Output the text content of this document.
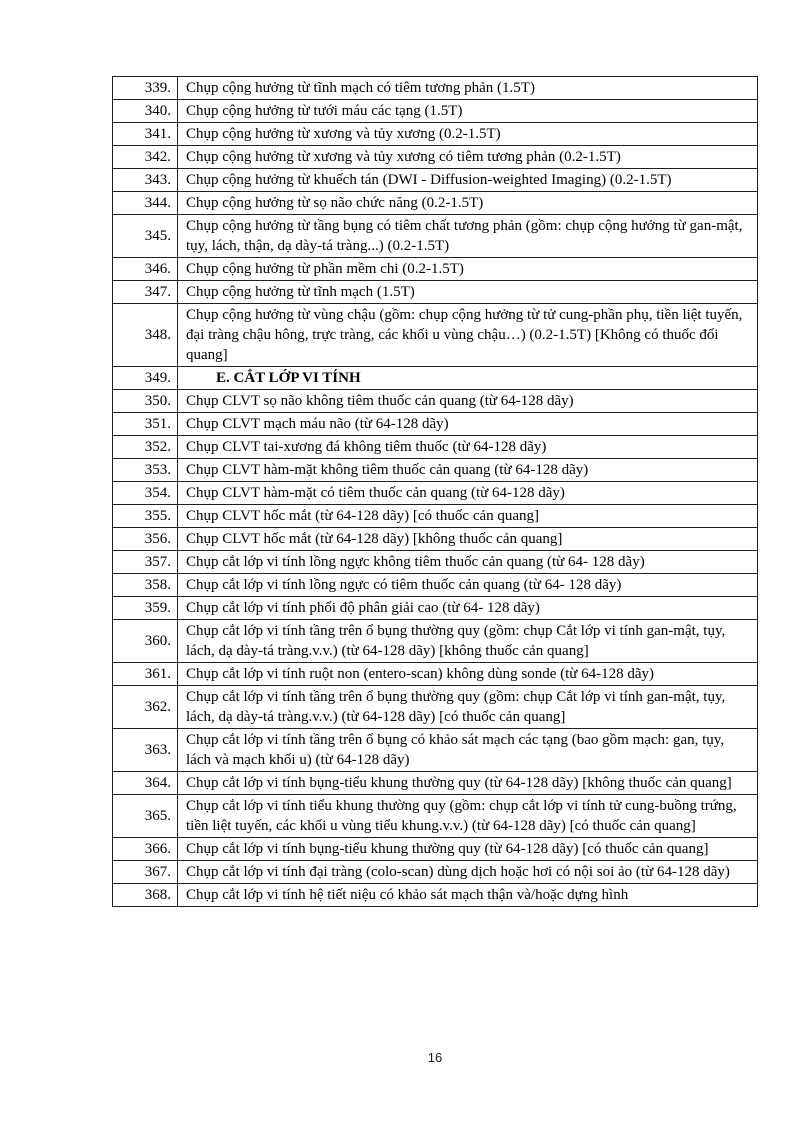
339.	Chụp cộng hưởng từ tĩnh mạch có tiêm tương phản (1.5T)
340.	Chụp cộng hưởng từ tưới máu các tạng (1.5T)
341.	Chụp cộng hưởng từ xương và tủy xương (0.2-1.5T)
342.	Chụp cộng hưởng từ xương và tủy xương có tiêm tương phản (0.2-1.5T)
343.	Chụp cộng hưởng từ khuếch tán (DWI - Diffusion-weighted Imaging) (0.2-1.5T)
344.	Chụp cộng hưởng từ sọ não chức năng (0.2-1.5T)
345.	Chụp cộng hưởng từ tầng bụng có tiêm chất tương phản (gồm: chụp cộng hưởng từ gan-mật, tụy, lách, thận, dạ dày-tá tràng...) (0.2-1.5T)
346.	Chụp cộng hưởng từ phần mềm chi (0.2-1.5T)
347.	Chụp cộng hưởng từ tĩnh mạch (1.5T)
348.	Chụp cộng hưởng từ vùng chậu (gồm: chụp cộng hưởng từ tử cung-phần phụ, tiền liệt tuyến, đại tràng chậu hông, trực tràng, các khối u vùng chậu…) (0.2-1.5T) [Không có thuốc đối quang]
349.	E. CẮT LỚP VI TÍNH
350.	Chụp CLVT sọ não không tiêm thuốc cản quang (từ 64-128 dãy)
351.	Chụp CLVT mạch máu não (từ 64-128 dãy)
352.	Chụp CLVT tai-xương đá không tiêm thuốc (từ 64-128 dãy)
353.	Chụp CLVT hàm-mặt không tiêm thuốc cản quang (từ 64-128 dãy)
354.	Chụp CLVT hàm-mặt có tiêm thuốc cản quang (từ 64-128 dãy)
355.	Chụp CLVT hốc mắt (từ 64-128 dãy) [có thuốc cản quang]
356.	Chụp CLVT hốc mắt (từ 64-128 dãy) [không thuốc cản quang]
357.	Chụp cắt lớp vi tính lồng ngực không tiêm thuốc cản quang (từ 64- 128 dãy)
358.	Chụp cắt lớp vi tính lồng ngực có tiêm thuốc cản quang (từ 64- 128 dãy)
359.	Chụp cắt lớp vi tính phổi độ phân giải cao (từ 64- 128 dãy)
360.	Chụp cắt lớp vi tính tầng trên ổ bụng thường quy (gồm: chụp Cắt lớp vi tính gan-mật, tụy, lách, dạ dày-tá tràng.v.v.) (từ 64-128 dãy) [không thuốc cản quang]
361.	Chụp cắt lớp vi tính ruột non (entero-scan) không dùng sonde (từ 64-128 dãy)
362.	Chụp cắt lớp vi tính tầng trên ổ bụng thường quy (gồm: chụp Cắt lớp vi tính gan-mật, tụy, lách, dạ dày-tá tràng.v.v.) (từ 64-128 dãy) [có thuốc cản quang]
363.	Chụp cắt lớp vi tính tầng trên ổ bụng có khảo sát mạch các tạng (bao gồm mạch: gan, tụy, lách và mạch khối u) (từ 64-128 dãy)
364.	Chụp cắt lớp vi tính bụng-tiểu khung thường quy (từ 64-128 dãy) [không thuốc cản quang]
365.	Chụp cắt lớp vi tính tiểu khung thường quy (gồm: chụp cắt lớp vi tính tử cung-buồng trứng, tiền liệt tuyến, các khối u vùng tiểu khung.v.v.) (từ 64-128 dãy) [có thuốc cản quang]
366.	Chụp cắt lớp vi tính bụng-tiểu khung thường quy (từ 64-128 dãy) [có thuốc cản quang]
367.	Chụp cắt lớp vi tính đại tràng (colo-scan) dùng dịch hoặc hơi có nội soi ảo (từ 64-128 dãy)
368.	Chụp cắt lớp vi tính hệ tiết niệu có khảo sát mạch thận và/hoặc dựng hình
16
